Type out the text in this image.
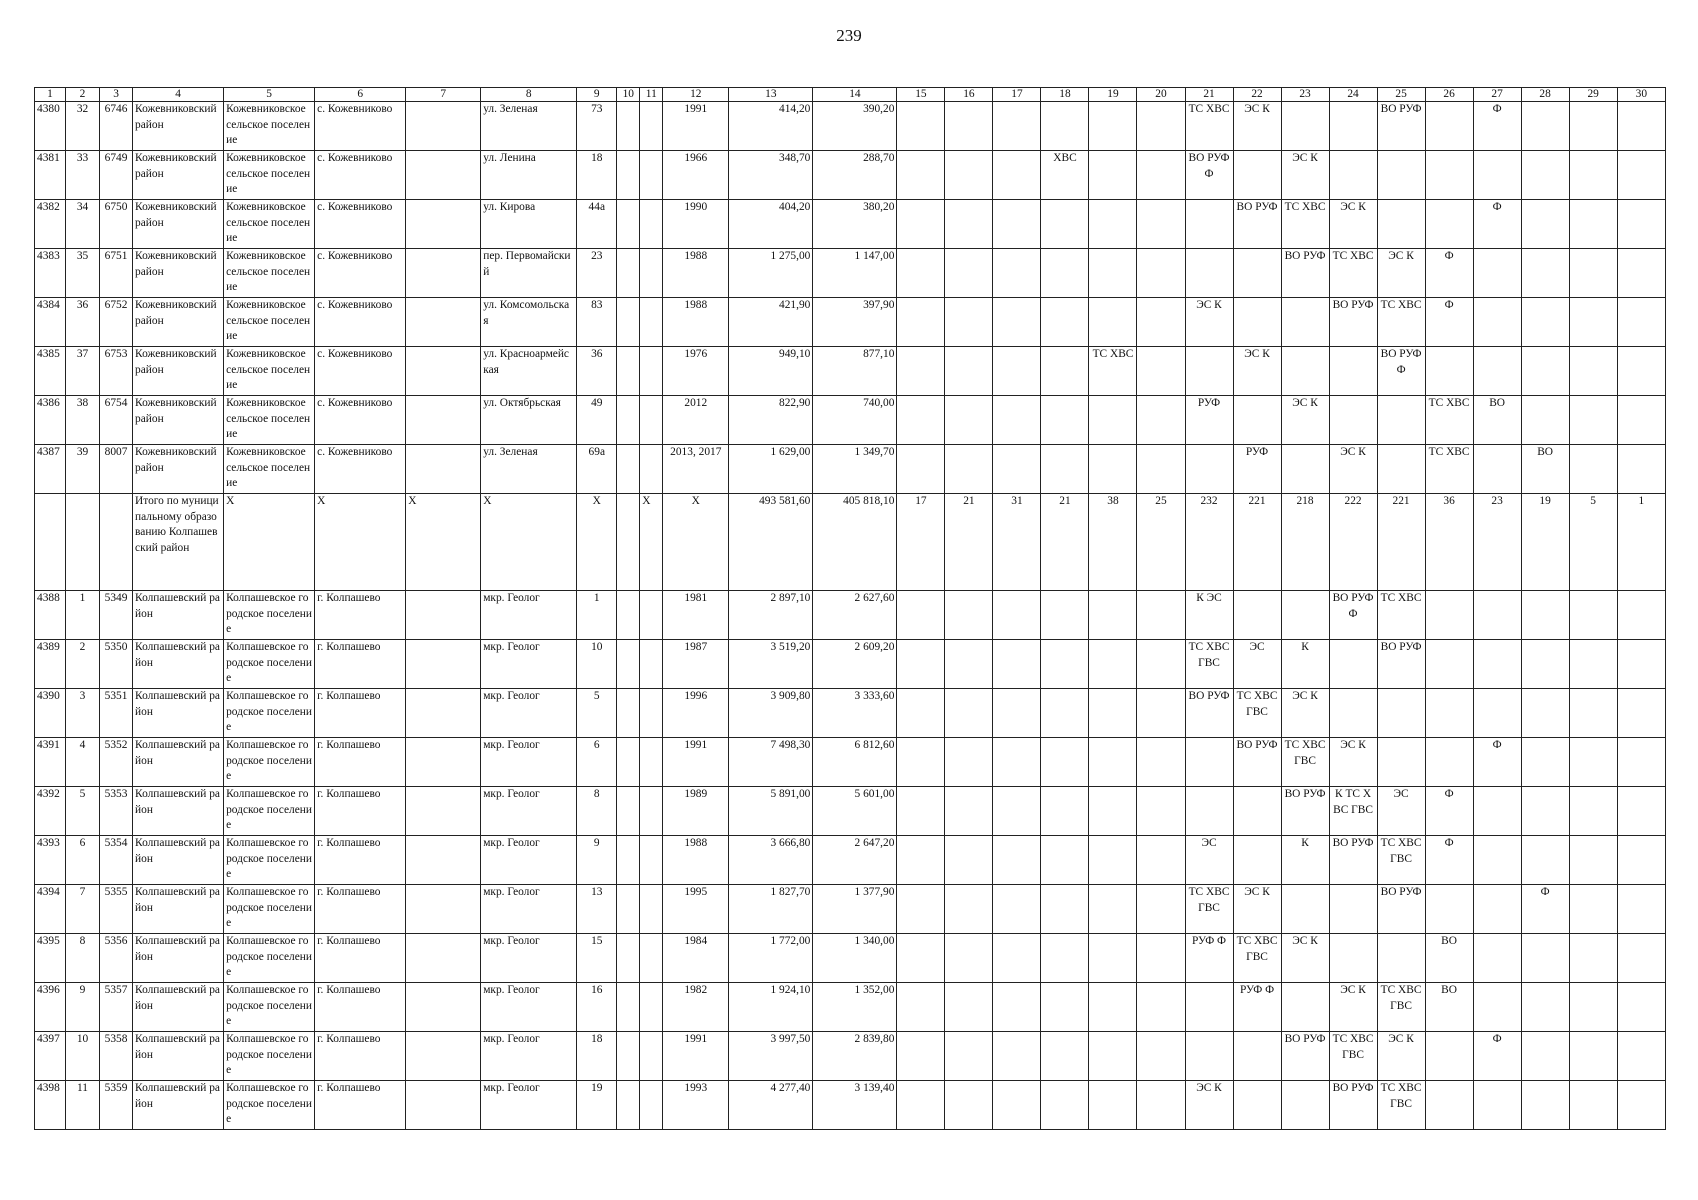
239
1	2	3	4	5	6	7	8	9	10	11	12	13	14	15	16	17	18	19	20	21	22	23	24	25	26	27	28	29	30
4380	32	6746	Кожевниковский район	Кожевниковское сельское поселение	с. Кожевниково		ул. Зеленая	73			1991	414,20	390,20							ТС ХВС	ЭС К			ВО РУФ		Ф			
4381	33	6749	Кожевниковский район	Кожевниковское сельское поселение	с. Кожевниково		ул. Ленина	18			1966	348,70	288,70				ХВС			ВО РУФ Ф		ЭС К							
4382	34	6750	Кожевниковский район	Кожевниковское сельское поселение	с. Кожевниково		ул. Кирова	44а			1990	404,20	380,20								ВО РУФ	ТС ХВС	ЭС К			Ф			
4383	35	6751	Кожевниковский район	Кожевниковское сельское поселение	с. Кожевниково		пер. Первомайский	23			1988	1 275,00	1 147,00									ВО РУФ	ТС ХВС	ЭС К	Ф				
4384	36	6752	Кожевниковский район	Кожевниковское сельское поселение	с. Кожевниково		ул. Комсомольская	83			1988	421,90	397,90							ЭС К			ВО РУФ	ТС ХВС	Ф				
4385	37	6753	Кожевниковский район	Кожевниковское сельское поселение	с. Кожевниково		ул. Красноармейская	36			1976	949,10	877,10					ТС ХВС			ЭС К			ВО РУФ Ф					
4386	38	6754	Кожевниковский район	Кожевниковское сельское поселение	с. Кожевниково		ул. Октябрьская	49			2012	822,90	740,00							РУФ		ЭС К			ТС ХВС	ВО			
4387	39	8007	Кожевниковский район	Кожевниковское сельское поселение	с. Кожевниково		ул. Зеленая	69а			2013, 2017	1 629,00	1 349,70								РУФ		ЭС К		ТС ХВС		ВО		
			Итого по муниципальному образованию Колпашевский район	X	X	X	X	X		X	X	493 581,60	405 818,10	17	21	31	21	38	25	232	221	218	222	221	36	23	19	5	1
4388	1	5349	Колпашевский район	Колпашевское городское поселение	г. Колпашево		мкр. Геолог	1			1981	2 897,10	2 627,60							К ЭС			ВО РУФ Ф	ТС ХВС					
4389	2	5350	Колпашевский район	Колпашевское городское поселение	г. Колпашево		мкр. Геолог	10			1987	3 519,20	2 609,20							ТС ХВС ГВС	ЭС	К		ВО РУФ					
4390	3	5351	Колпашевский район	Колпашевское городское поселение	г. Колпашево		мкр. Геолог	5			1996	3 909,80	3 333,60							ВО РУФ	ТС ХВС ГВС	ЭС К							
4391	4	5352	Колпашевский район	Колпашевское городское поселение	г. Колпашево		мкр. Геолог	6			1991	7 498,30	6 812,60								ВО РУФ	ТС ХВС ГВС	ЭС К			Ф			
4392	5	5353	Колпашевский район	Колпашевское городское поселение	г. Колпашево		мкр. Геолог	8			1989	5 891,00	5 601,00									ВО РУФ	К ТС ХВС ГВС	ЭС	Ф				
4393	6	5354	Колпашевский район	Колпашевское городское поселение	г. Колпашево		мкр. Геолог	9			1988	3 666,80	2 647,20							ЭС		К	ВО РУФ	ТС ХВС ГВС	Ф				
4394	7	5355	Колпашевский район	Колпашевское городское поселение	г. Колпашево		мкр. Геолог	13			1995	1 827,70	1 377,90							ТС ХВС ГВС	ЭС К			ВО РУФ			Ф		
4395	8	5356	Колпашевский район	Колпашевское городское поселение	г. Колпашево		мкр. Геолог	15			1984	1 772,00	1 340,00							РУФ Ф	ТС ХВС ГВС	ЭС К			ВО				
4396	9	5357	Колпашевский район	Колпашевское городское поселение	г. Колпашево		мкр. Геолог	16			1982	1 924,10	1 352,00								РУФ Ф		ЭС К	ТС ХВС ГВС	ВО				
4397	10	5358	Колпашевский район	Колпашевское городское поселение	г. Колпашево		мкр. Геолог	18			1991	3 997,50	2 839,80									ВО РУФ	ТС ХВС ГВС	ЭС К		Ф			
4398	11	5359	Колпашевский район	Колпашевское городское поселение	г. Колпашево		мкр. Геолог	19			1993	4 277,40	3 139,40							ЭС К			ВО РУФ	ТС ХВС ГВС					
